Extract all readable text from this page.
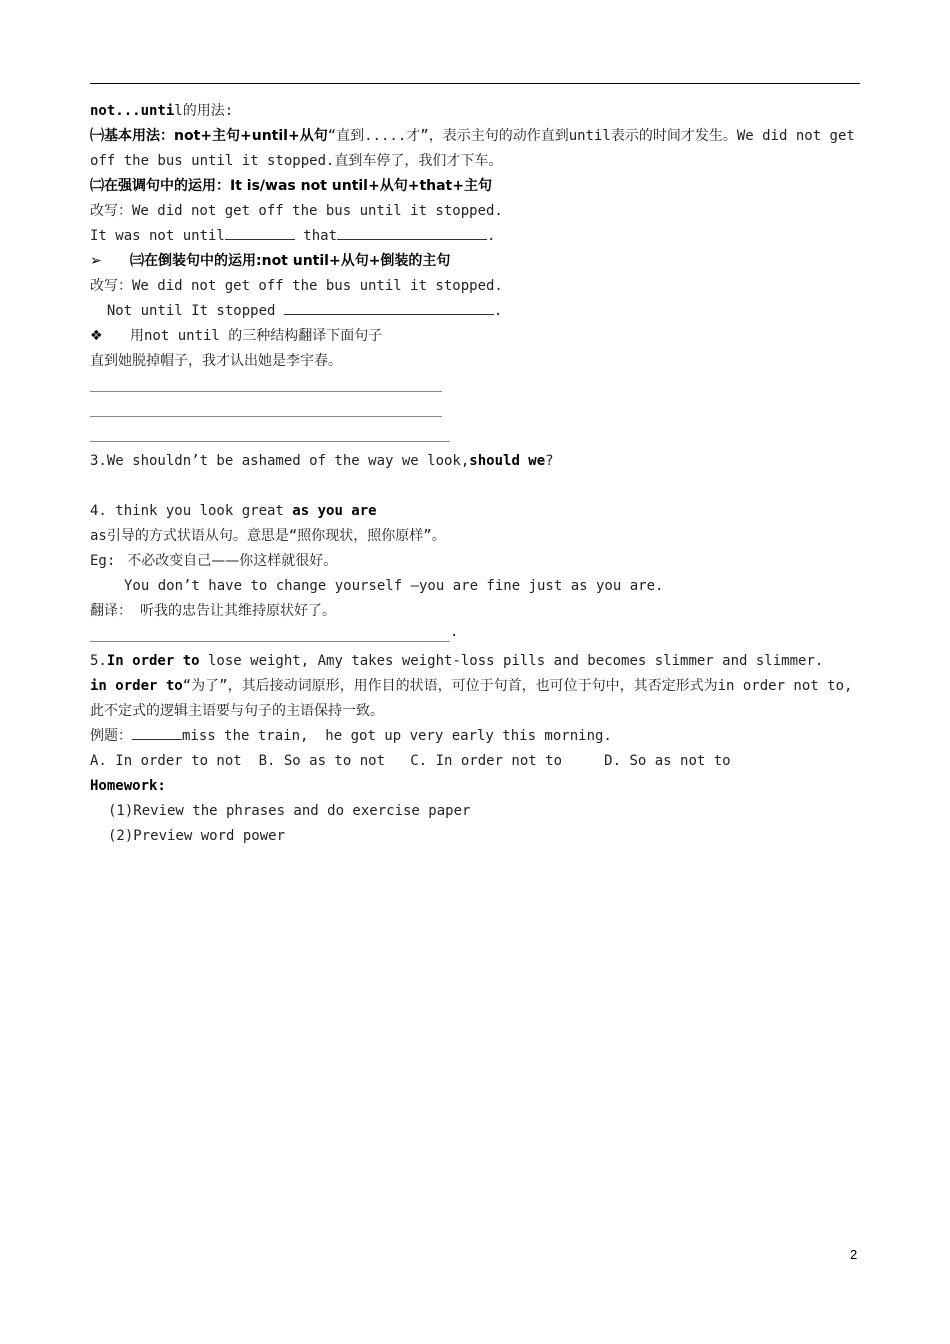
not...until的用法:
㈠基本用法：not+主句+until+从句“直到.....才”，表示主句的动作直到until表示的时间才发生。We did not get off the bus until it stopped.直到车停了，我们才下车。
㈡在强调句中的运用：It is/was not until+从句+that+主句
改写：We did not get off the bus until it stopped.
It was not until	that	.
➢ ㈢在倒装句中的运用:not until+从句+倒装的主句
改写：We did not get off the bus until it stopped.
Not until It stopped	.
❖ 用not until 的三种结构翻译下面句子
直到她脱掉帽子，我才认出她是李宇春。
3.We shouldn’t be ashamed of the way we look,should we?
4. think you look great as you are
as引导的方式状语从句。意思是“照你现状，照你原样”。
Eg: 不必改变自己——你这样就很好。
You don’t have to change yourself —you are fine just as you are.
翻译： 听我的忠告让其维持原状好了。
.
5.In order to lose weight, Amy takes weight-loss pills and becomes slimmer and slimmer.
in order to“为了”，其后接动词原形，用作目的状语，可位于句首，也可位于句中，其否定形式为in order not to,此不定式的逻辑主语要与句子的主语保持一致。
例题：	miss the train,  he got up very early this morning.
A. In order to not  B. So as to not   C. In order not to     D. So as not to
Homework:
(1)Review the phrases and do exercise paper
(2)Preview word power
2
